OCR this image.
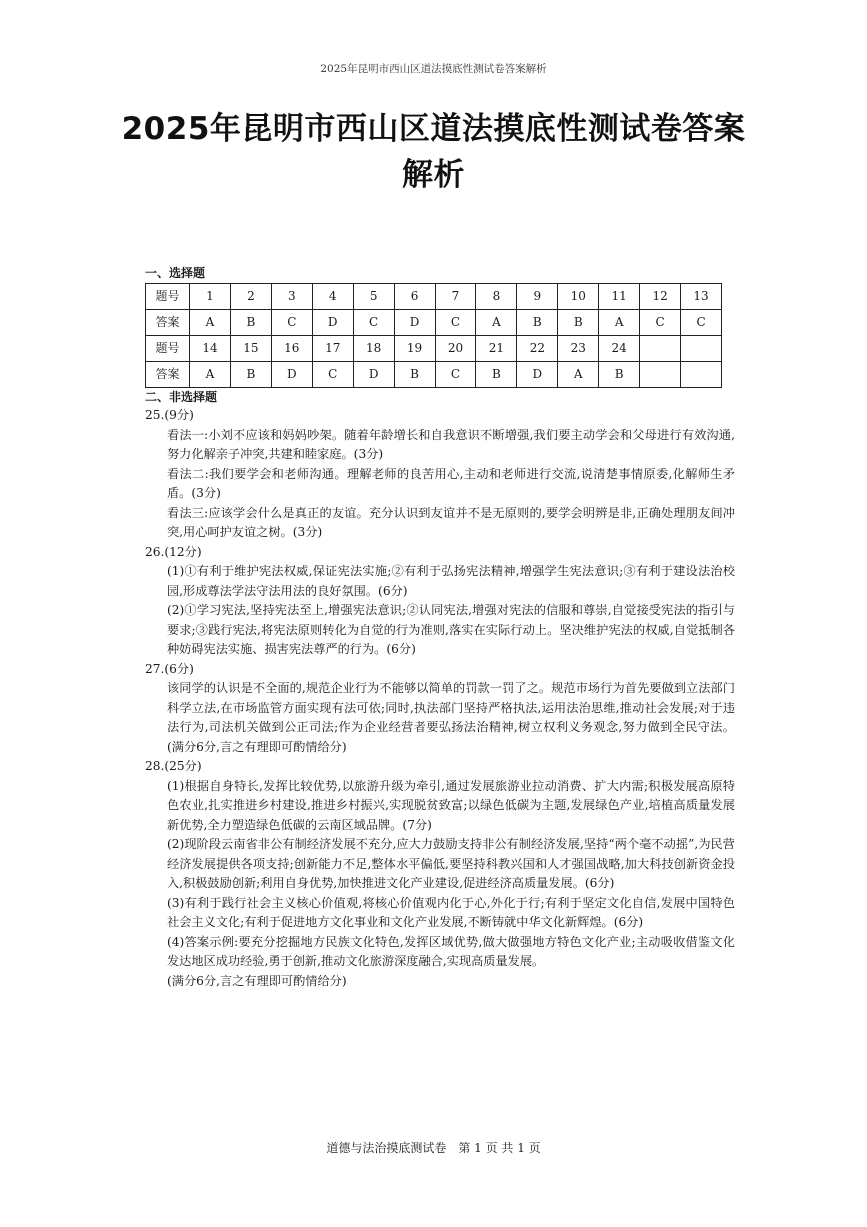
2025年昆明市西山区道法摸底性测试卷答案解析
2025年昆明市西山区道法摸底性测试卷答案解析
一、选择题
题号	1	2	3	4	5	6	7	8	9	10	11	12	13
答案	A	B	C	D	C	D	C	A	B	B	A	C	C
题号	14	15	16	17	18	19	20	21	22	23	24		
答案	A	B	D	C	D	B	C	B	D	A	B		
二、非选择题
25.(9分)

看法一:小刘不应该和妈妈吵架。随着年龄增长和自我意识不断增强,我们要主动学会和父母进行有效沟通,努力化解亲子冲突,共建和睦家庭。(3分)

看法二:我们要学会和老师沟通。理解老师的良苦用心,主动和老师进行交流,说清楚事情原委,化解师生矛盾。(3分)

看法三:应该学会什么是真正的友谊。充分认识到友谊并不是无原则的,要学会明辨是非,正确处理朋友间冲突,用心呵护友谊之树。(3分)

26.(12分)

(1)①有利于维护宪法权威,保证宪法实施;②有利于弘扬宪法精神,增强学生宪法意识;③有利于建设法治校园,形成尊法学法守法用法的良好氛围。(6分)

(2)①学习宪法,坚持宪法至上,增强宪法意识;②认同宪法,增强对宪法的信服和尊崇,自觉接受宪法的指引与要求;③践行宪法,将宪法原则转化为自觉的行为准则,落实在实际行动上。坚决维护宪法的权威,自觉抵制各种妨碍宪法实施、损害宪法尊严的行为。(6分)

27.(6分)

该同学的认识是不全面的,规范企业行为不能够以简单的罚款一罚了之。规范市场行为首先要做到立法部门科学立法,在市场监管方面实现有法可依;同时,执法部门坚持严格执法,运用法治思维,推动社会发展;对于违法行为,司法机关做到公正司法;作为企业经营者要弘扬法治精神,树立权利义务观念,努力做到全民守法。(满分6分,言之有理即可酌情给分)

28.(25分)

(1)根据自身特长,发挥比较优势,以旅游升级为牵引,通过发展旅游业拉动消费、扩大内需;积极发展高原特色农业,扎实推进乡村建设,推进乡村振兴,实现脱贫致富;以绿色低碳为主题,发展绿色产业,培植高质量发展新优势,全力塑造绿色低碳的云南区域品牌。(7分)

(2)现阶段云南省非公有制经济发展不充分,应大力鼓励支持非公有制经济发展,坚持“两个毫不动摇”,为民营经济发展提供各项支持;创新能力不足,整体水平偏低,要坚持科教兴国和人才强国战略,加大科技创新资金投入,积极鼓励创新;利用自身优势,加快推进文化产业建设,促进经济高质量发展。(6分)

(3)有利于践行社会主义核心价值观,将核心价值观内化于心,外化于行;有利于坚定文化自信,发展中国特色社会主义文化;有利于促进地方文化事业和文化产业发展,不断铸就中华文化新辉煌。(6分)

(4)答案示例:要充分挖掘地方民族文化特色,发挥区域优势,做大做强地方特色文化产业;主动吸收借鉴文化发达地区成功经验,勇于创新,推动文化旅游深度融合,实现高质量发展。

(满分6分,言之有理即可酌情给分)

道德与法治摸底测试卷　第 1 页 共 1 页
